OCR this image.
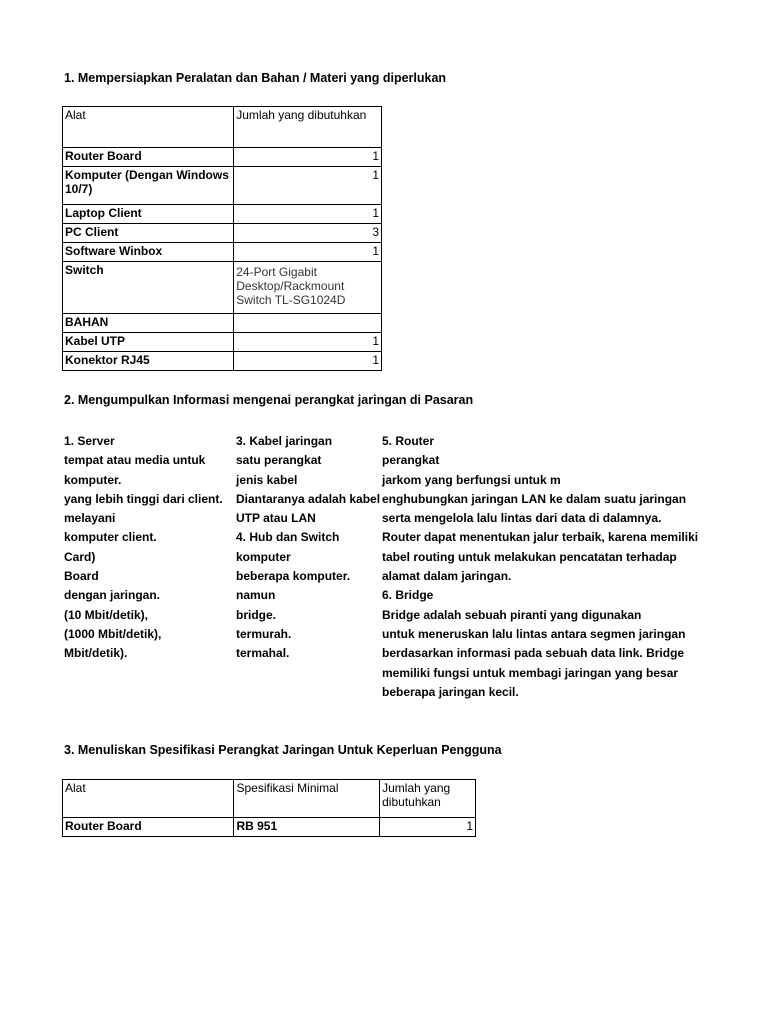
1. Mempersiapkan Peralatan dan Bahan / Materi yang diperlukan
Alat	Jumlah yang dibutuhkan
Router Board	1
Komputer (Dengan Windows 10/7)	1
Laptop Client	1
PC Client	3
Software Winbox	1
Switch	24-Port Gigabit Desktop/Rackmount Switch TL-SG1024D

BAHAN	
Kabel UTP	1
Konektor RJ45	1
2. Mengumpulkan Informasi mengenai perangkat jaringan di Pasaran
1. Server
tempat atau media untuk
komputer.
yang lebih tinggi dari client.
melayani
komputer client.
Card)
Board
dengan jaringan.
(10 Mbit/detik),
(1000 Mbit/detik),
Mbit/detik).
3. Kabel jaringan
satu perangkat
jenis kabel
Diantaranya adalah kabel
UTP atau LAN
4. Hub dan Switch
komputer
beberapa komputer.
namun
bridge.
termurah.
termahal.
5. Router
perangkat
jarkom yang berfungsi untuk m
enghubungkan jaringan LAN ke dalam suatu jaringan
serta mengelola lalu lintas dari data di dalamnya.
Router dapat menentukan jalur terbaik, karena memiliki
tabel routing untuk melakukan pencatatan terhadap
alamat dalam jaringan.
6. Bridge
Bridge adalah sebuah piranti yang digunakan
untuk meneruskan lalu lintas antara segmen jaringan
berdasarkan informasi pada sebuah data link. Bridge
memiliki fungsi untuk membagi jaringan yang besar
beberapa jaringan kecil.
3. Menuliskan Spesifikasi Perangkat Jaringan Untuk Keperluan Pengguna
Alat	Spesifikasi Minimal	Jumlah yang dibutuhkan
Router Board	RB 951	1
